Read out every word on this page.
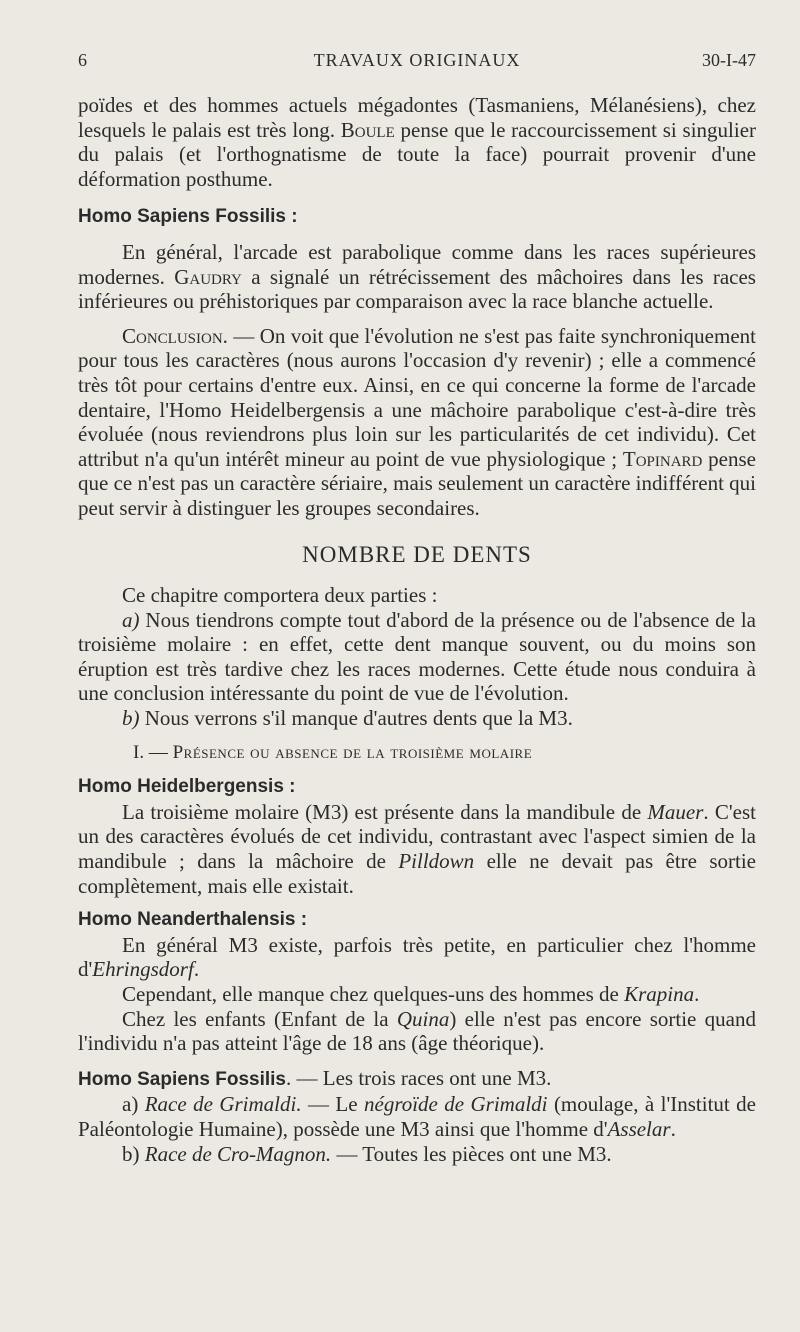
6	TRAVAUX ORIGINAUX	30-I-47

poïdes et des hommes actuels mégadontes (Tasmaniens, Mélanésiens), chez lesquels le palais est très long. Boule pense que le raccourcissement si singulier du palais (et l'orthognatisme de toute la face) pourrait provenir d'une déformation posthume.

Homo Sapiens Fossilis :

En général, l'arcade est parabolique comme dans les races supérieures modernes. Gaudry a signalé un rétrécissement des mâchoires dans les races inférieures ou préhistoriques par comparaison avec la race blanche actuelle.

Conclusion. — On voit que l'évolution ne s'est pas faite synchroniquement pour tous les caractères (nous aurons l'occasion d'y revenir) ; elle a commencé très tôt pour certains d'entre eux. Ainsi, en ce qui concerne la forme de l'arcade dentaire, l'Homo Heidelbergensis a une mâchoire parabolique c'est-à-dire très évoluée (nous reviendrons plus loin sur les particularités de cet individu). Cet attribut n'a qu'un intérêt mineur au point de vue physiologique ; Topinard pense que ce n'est pas un caractère sériaire, mais seulement un caractère indifférent qui peut servir à distinguer les groupes secondaires.

NOMBRE DE DENTS

Ce chapitre comportera deux parties :

a) Nous tiendrons compte tout d'abord de la présence ou de l'absence de la troisième molaire : en effet, cette dent manque souvent, ou du moins son éruption est très tardive chez les races modernes. Cette étude nous conduira à une conclusion intéressante du point de vue de l'évolution.

b) Nous verrons s'il manque d'autres dents que la M3.

I. — Présence ou absence de la troisième molaire

Homo Heidelbergensis :

La troisième molaire (M3) est présente dans la mandibule de Mauer. C'est un des caractères évolués de cet individu, contrastant avec l'aspect simien de la mandibule ; dans la mâchoire de Pilldown elle ne devait pas être sortie complètement, mais elle existait.

Homo Neanderthalensis :

En général M3 existe, parfois très petite, en particulier chez l'homme d'Ehringsdorf.

Cependant, elle manque chez quelques-uns des hommes de Krapina.

Chez les enfants (Enfant de la Quina) elle n'est pas encore sortie quand l'individu n'a pas atteint l'âge de 18 ans (âge théorique).

Homo Sapiens Fossilis. — Les trois races ont une M3.

a) Race de Grimaldi. — Le négroïde de Grimaldi (moulage, à l'Institut de Paléontologie Humaine), possède une M3 ainsi que l'homme d'Asselar.

b) Race de Cro-Magnon. — Toutes les pièces ont une M3.
